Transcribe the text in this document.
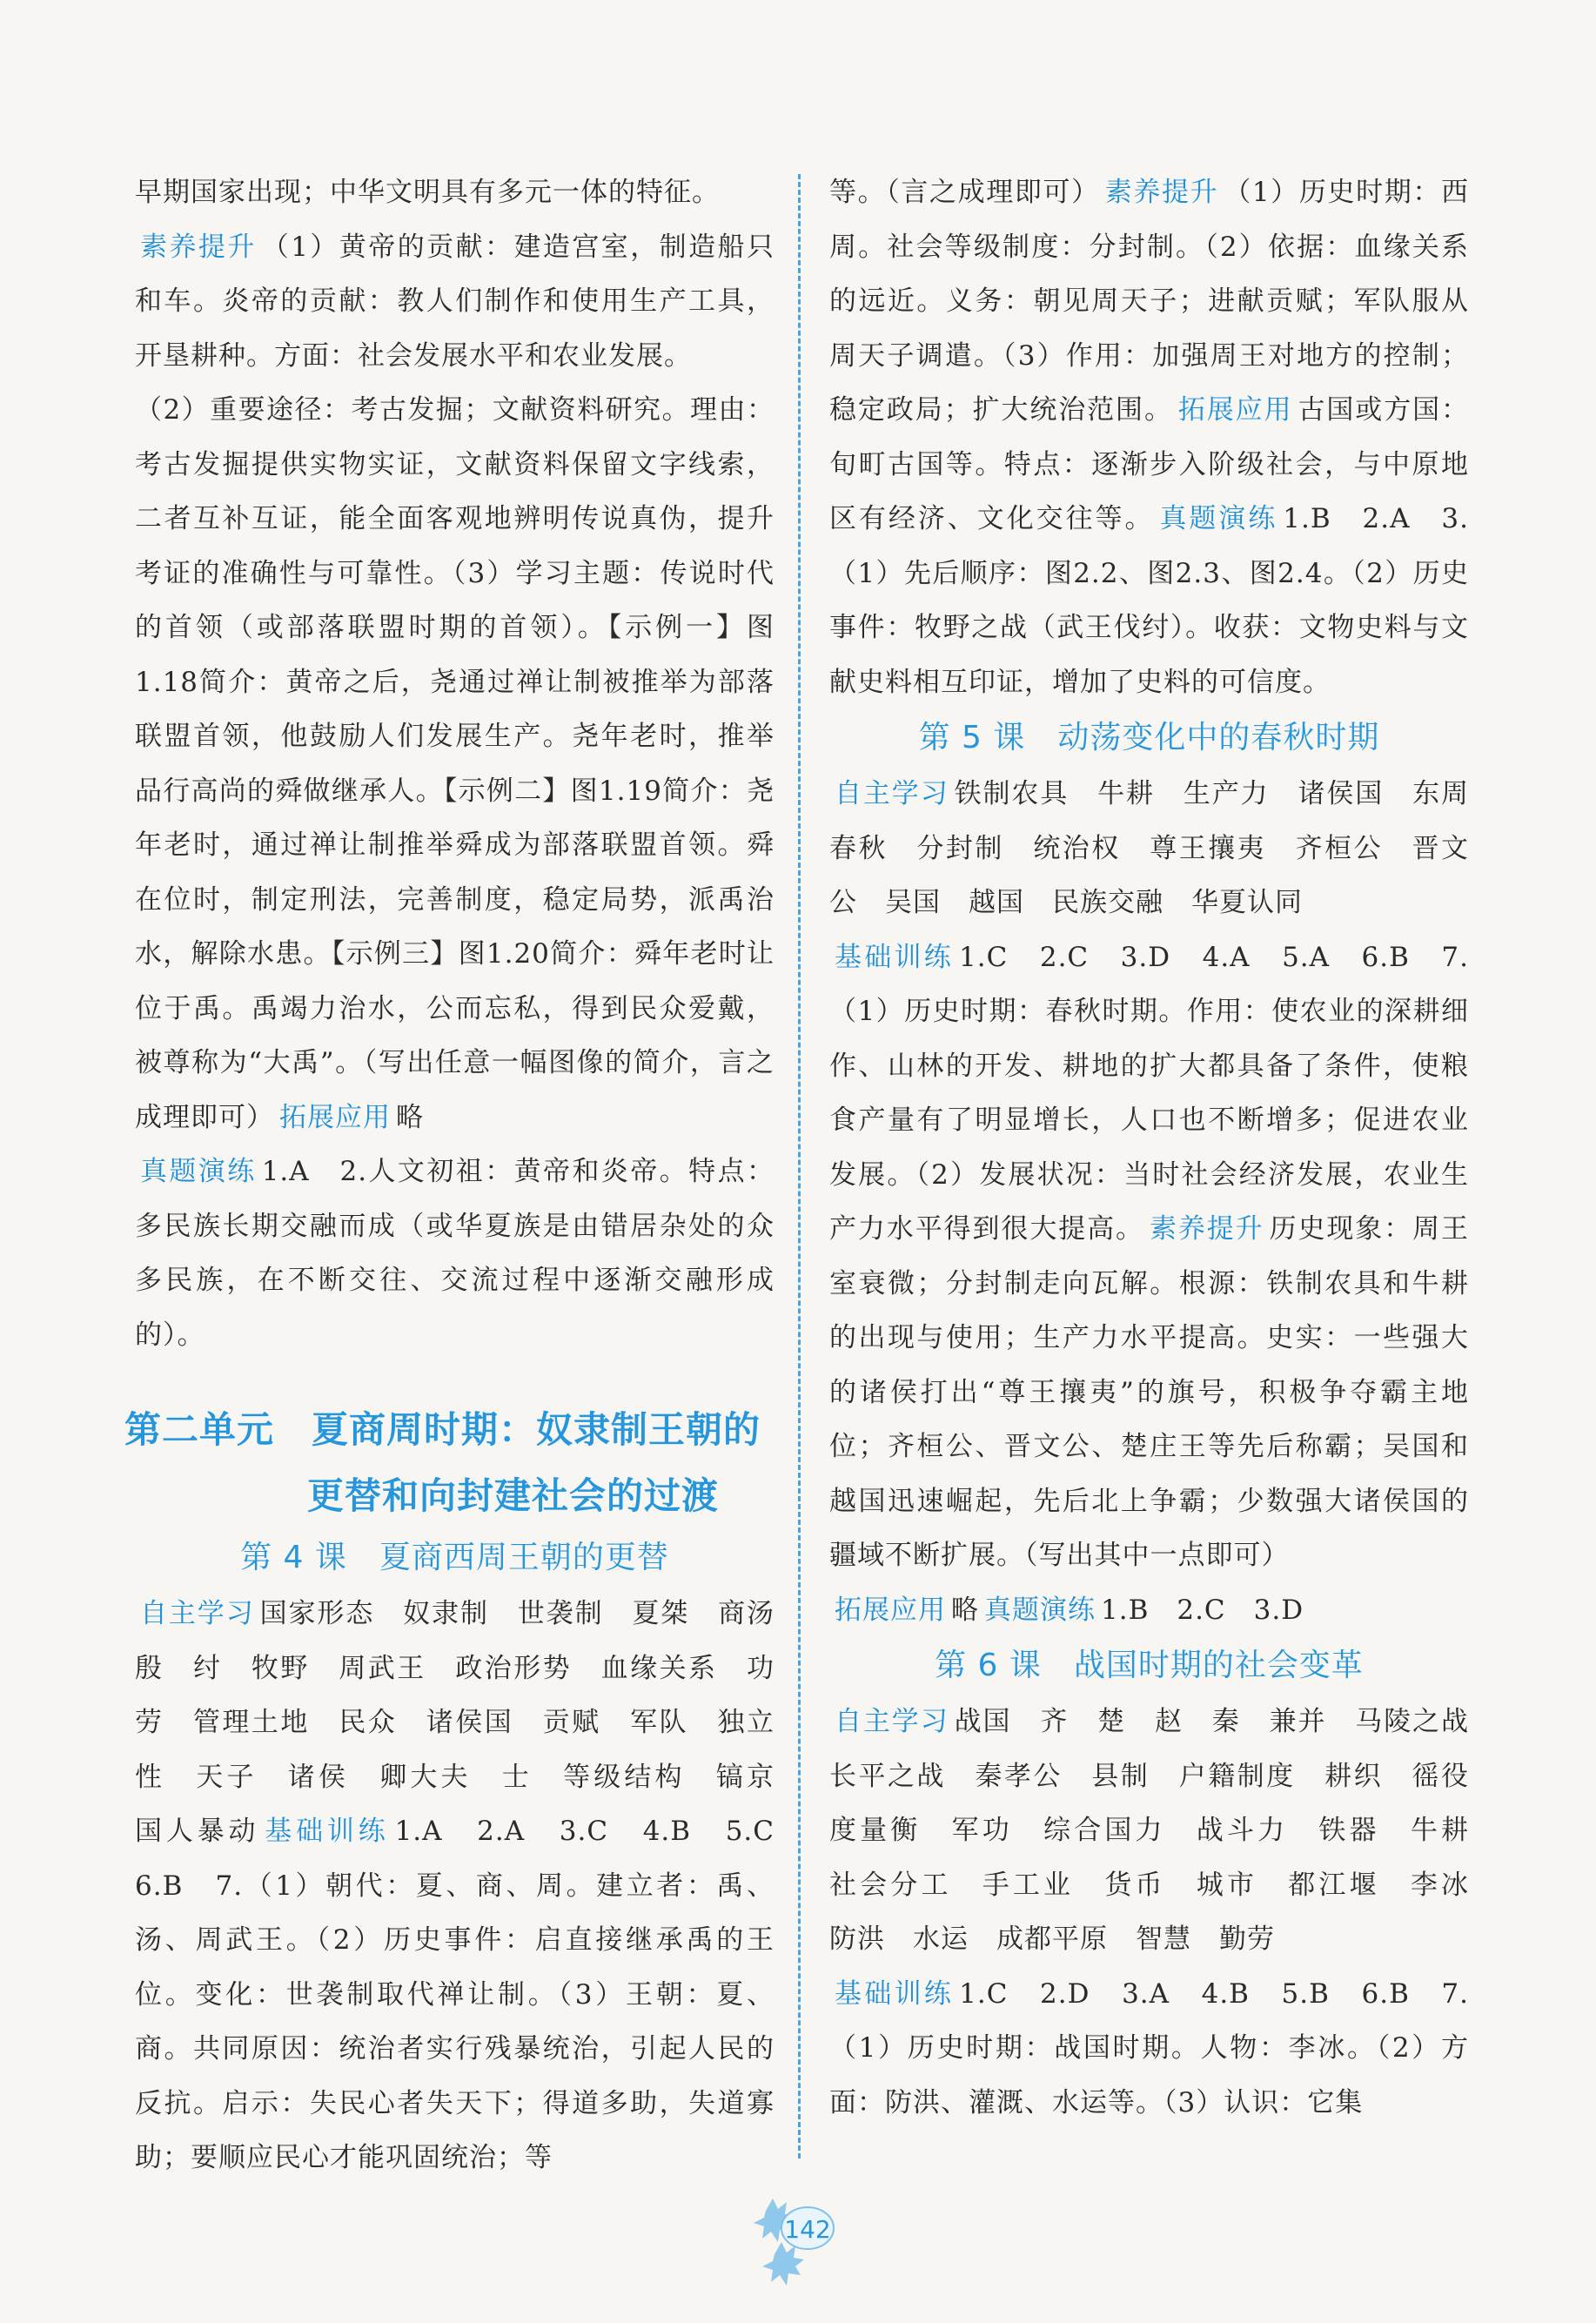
早期国家出现；中华文明具有多元一体的特征。

素养提升 （1）黄帝的贡献：建造宫室，制造船只和车。炎帝的贡献：教人们制作和使用生产工具，开垦耕种。方面：社会发展水平和农业发展。

（2）重要途径：考古发掘；文献资料研究。理由：考古发掘提供实物实证，文献资料保留文字线索，二者互补互证，能全面客观地辨明传说真伪，提升考证的准确性与可靠性。（3）学习主题：传说时代的首领（或部落联盟时期的首领）。【示例一】图1.18简介：黄帝之后，尧通过禅让制被推举为部落联盟首领，他鼓励人们发展生产。尧年老时，推举品行高尚的舜做继承人。【示例二】图1.19简介：尧年老时，通过禅让制推举舜成为部落联盟首领。舜在位时，制定刑法，完善制度，稳定局势，派禹治水，解除水患。【示例三】图1.20简介：舜年老时让位于禹。禹竭力治水，公而忘私，得到民众爱戴，被尊称为“大禹”。（写出任意一幅图像的简介，言之成理即可） 拓展应用 略

真题演练 1.A　2.人文初祖：黄帝和炎帝。特点：多民族长期交融而成（或华夏族是由错居杂处的众多民族，在不断交往、交流过程中逐渐交融形成的）。

第二单元　夏商周时期：奴隶制王朝的
更替和向封建社会的过渡

第 4 课　夏商西周王朝的更替

自主学习 国家形态　奴隶制　世袭制　夏桀　商汤　殷　纣　牧野　周武王　政治形势　血缘关系　功劳　管理土地　民众　诸侯国　贡赋　军队　独立性　天子　诸侯　卿大夫　士　等级结构　镐京　国人暴动 基础训练 1.A　2.A　3.C　4.B　5.C　6.B　7.（1）朝代：夏、商、周。建立者：禹、汤、周武王。（2）历史事件：启直接继承禹的王位。变化：世袭制取代禅让制。（3）王朝：夏、商。共同原因：统治者实行残暴统治，引起人民的反抗。启示：失民心者失天下；得道多助，失道寡助；要顺应民心才能巩固统治；等

等。（言之成理即可） 素养提升 （1）历史时期：西周。社会等级制度：分封制。（2）依据：血缘关系的远近。义务：朝见周天子；进献贡赋；军队服从周天子调遣。（3）作用：加强周王对地方的控制；稳定政局；扩大统治范围。 拓展应用 古国或方国：旬町古国等。特点：逐渐步入阶级社会，与中原地区有经济、文化交往等。 真题演练 1.B　2.A　3.（1）先后顺序：图2.2、图2.3、图2.4。（2）历史事件：牧野之战（武王伐纣）。收获：文物史料与文献史料相互印证，增加了史料的可信度。

第 5 课　动荡变化中的春秋时期

自主学习 铁制农具　牛耕　生产力　诸侯国　东周　春秋　分封制　统治权　尊王攘夷　齐桓公　晋文公　吴国　越国　民族交融　华夏认同

基础训练 1.C　2.C　3.D　4.A　5.A　6.B　7.（1）历史时期：春秋时期。作用：使农业的深耕细作、山林的开发、耕地的扩大都具备了条件，使粮食产量有了明显增长，人口也不断增多；促进农业发展。（2）发展状况：当时社会经济发展，农业生产力水平得到很大提高。 素养提升 历史现象：周王室衰微；分封制走向瓦解。根源：铁制农具和牛耕的出现与使用；生产力水平提高。史实：一些强大的诸侯打出“尊王攘夷”的旗号，积极争夺霸主地位；齐桓公、晋文公、楚庄王等先后称霸；吴国和越国迅速崛起，先后北上争霸；少数强大诸侯国的疆域不断扩展。（写出其中一点即可）

拓展应用 略 真题演练 1.B　2.C　3.D

第 6 课　战国时期的社会变革

自主学习 战国　齐　楚　赵　秦　兼并　马陵之战　长平之战　秦孝公　县制　户籍制度　耕织　徭役　度量衡　军功　综合国力　战斗力　铁器　牛耕　社会分工　手工业　货币　城市　都江堰　李冰　防洪　水运　成都平原　智慧　勤劳

基础训练 1.C　2.D　3.A　4.B　5.B　6.B　7.（1）历史时期：战国时期。人物：李冰。（2）方面：防洪、灌溉、水运等。（3）认识：它集

142
